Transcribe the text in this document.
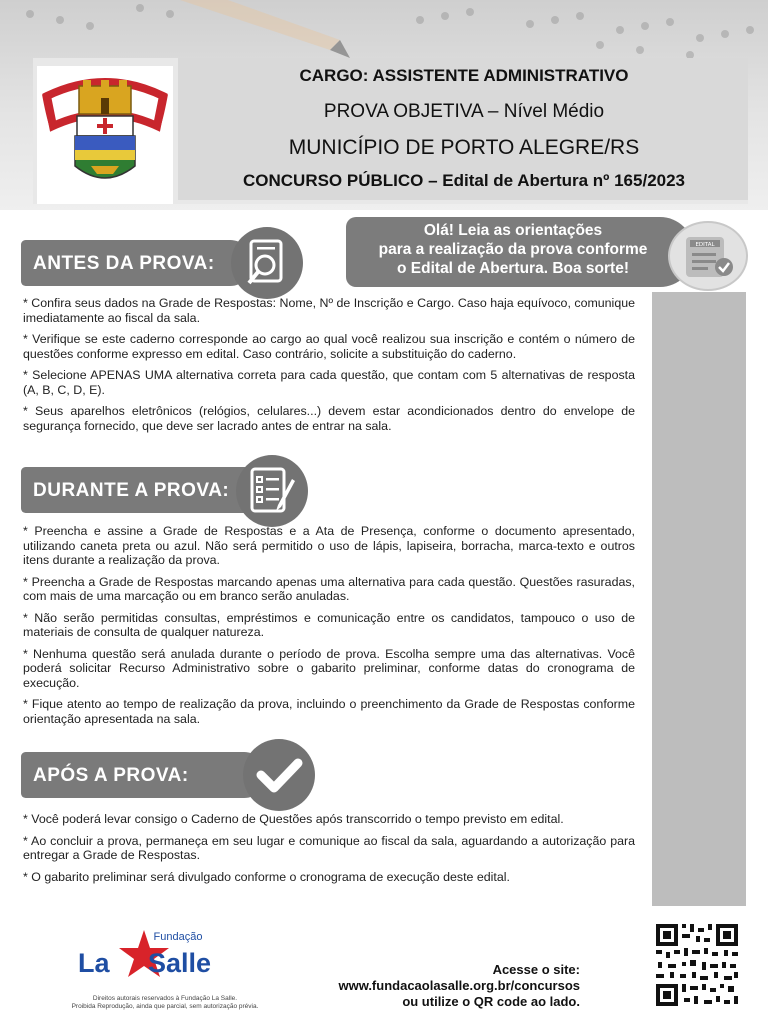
CARGO: ASSISTENTE ADMINISTRATIVO
PROVA OBJETIVA – Nível Médio
MUNICÍPIO DE PORTO ALEGRE/RS
CONCURSO PÚBLICO – Edital de Abertura nº 165/2023
Olá! Leia as orientações
para a realização da prova conforme
o Edital de Abertura. Boa sorte!
EDITAL
ANTES DA PROVA:

* Confira seus dados na Grade de Respostas: Nome, Nº de Inscrição e Cargo. Caso haja equívoco, comunique imediatamente ao fiscal da sala.

* Verifique se este caderno corresponde ao cargo ao qual você realizou sua inscrição e contém o número de questões conforme expresso em edital. Caso contrário, solicite a substituição do caderno.

* Selecione APENAS UMA alternativa correta para cada questão, que contam com 5 alternativas de resposta (A, B, C, D, E).

* Seus aparelhos eletrônicos (relógios, celulares...) devem estar acondicionados dentro do envelope de segurança fornecido, que deve ser lacrado antes de entrar na sala.

DURANTE A PROVA:

* Preencha e assine a Grade de Respostas e a Ata de Presença, conforme o documento apresentado, utilizando caneta preta ou azul. Não será permitido o uso de lápis, lapiseira, borracha, marca-texto e outros itens durante a realização da prova.

* Preencha a Grade de Respostas marcando apenas uma alternativa para cada questão. Questões rasuradas, com mais de uma marcação ou em branco serão anuladas.

* Não serão permitidas consultas, empréstimos e comunicação entre os candidatos, tampouco o uso de materiais de consulta de qualquer natureza.

* Nenhuma questão será anulada durante o período de prova. Escolha sempre uma das alternativas. Você poderá solicitar Recurso Administrativo sobre o gabarito preliminar, conforme datas do cronograma de execução.

* Fique atento ao tempo de realização da prova, incluindo o preenchimento da Grade de Respostas conforme orientação apresentada na sala.

APÓS A PROVA:

* Você poderá levar consigo o Caderno de Questões após transcorrido o tempo previsto em edital.

* Ao concluir a prova, permaneça em seu lugar e comunique ao fiscal da sala, aguardando a autorização para entregar a Grade de Respostas.

* O gabarito preliminar será divulgado conforme o cronograma de execução deste edital.

Fundação
La Salle
Direitos autorais reservados à Fundação La Salle.
Proibida Reprodução, ainda que parcial, sem autorização prévia.
Acesse o site:
www.fundacaolasalle.org.br/concursos
ou utilize o QR code ao lado.
